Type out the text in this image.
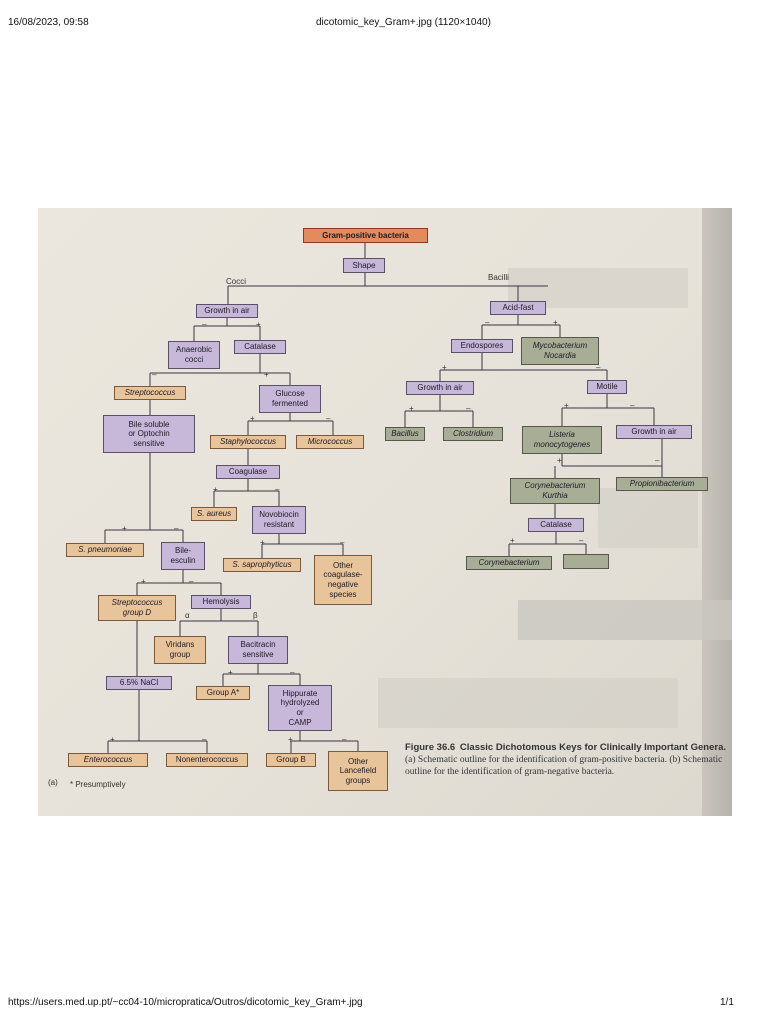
16/08/2023, 09:58	dicotomic_key_Gram+.jpg (1120×1040)
Gram-positive bacteria
Shape
Cocci	Bacilli
Growth in air
Anaerobic
cocci
Catalase
Streptococcus	Glucose
fermented
Bile soluble
or Optochin
sensitive	Staphylococcus	Micrococcus
Coagulase
S. aureus	Novobiocin
resistant
S. pneumoniae	Bile-
esculin	S. saprophyticus	Other
coagulase-
negative
species
Streptococcus
group D
Hemolysis
α	β
Viridans
group
Bacitracin
sensitive
6.5% NaCl
Group A*	Hippurate
hydrolyzed
or
CAMP
Enterococcus	Nonenterococcus	Group B	Other
Lancefield
groups
Acid-fast
Endospores	Mycobacterium
Nocardia
Growth in air	Motile
Bacillus	Clostridium	Listeria
monocytogenes
Growth in air
Corynebacterium
Kurthia
Propionibacterium
Catalase
Corynebacterium
–	+
–	+
+	–
+	–
+	–
+	–
+	–
+	–
+	–	+	–
–	+
+	–
+	–	+	–
+	–
+	–
(a) * Presumptively
Figure 36.6 Classic Dichotomous Keys for Clinically Important Genera. (a) Schematic outline for the identification of gram-positive bacteria. (b) Schematic outline for the identification of gram-negative bacteria.
https://users.med.up.pt/~cc04-10/micropratica/Outros/dicotomic_key_Gram+.jpg	1/1
